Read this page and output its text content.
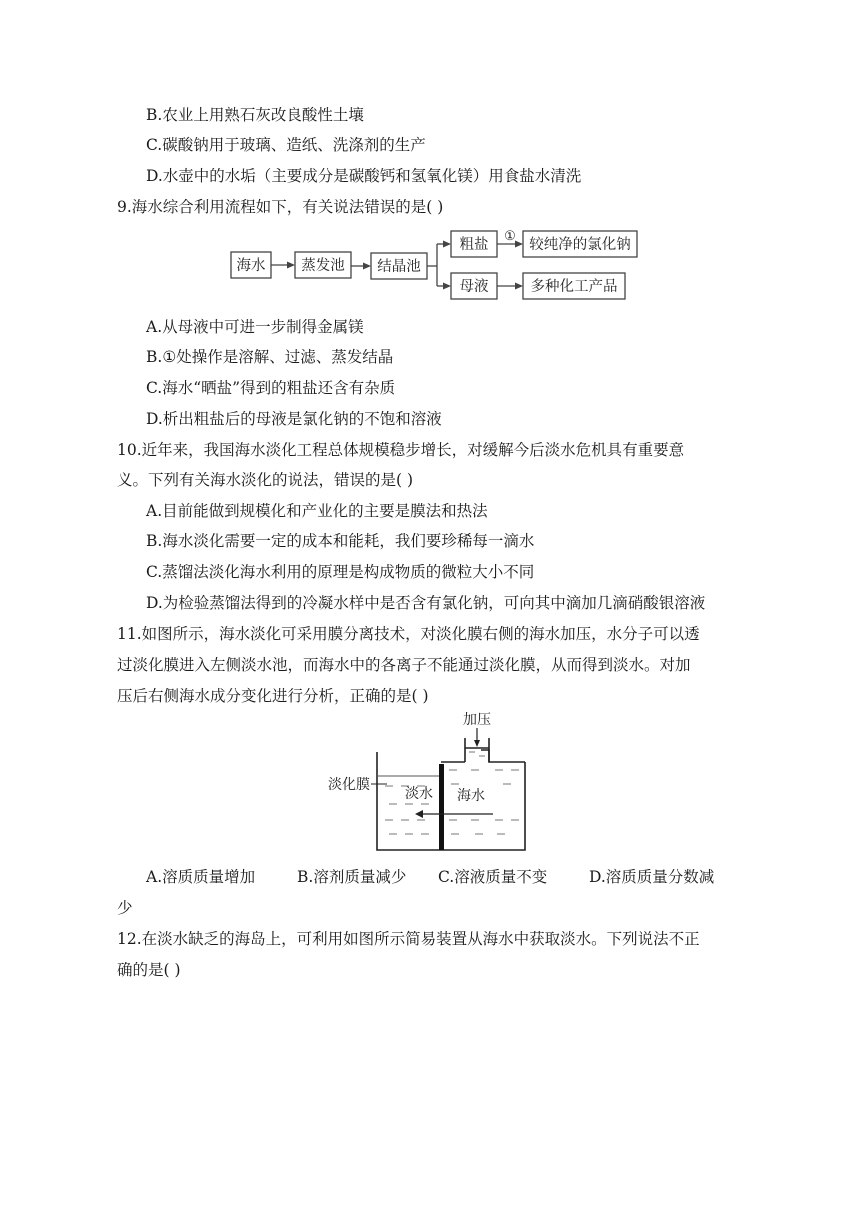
B.农业上用熟石灰改良酸性土壤
C.碳酸钠用于玻璃、造纸、洗涤剂的生产
D.水壶中的水垢（主要成分是碳酸钙和氢氧化镁）用食盐水清洗
9.海水综合利用流程如下，有关说法错误的是( )
海水 蒸发池 结晶池
粗盐
①
较纯净的氯化钠
母液	多种化工产品
A.从母液中可进一步制得金属镁
B.①处操作是溶解、过滤、蒸发结晶
C.海水“晒盐”得到的粗盐还含有杂质
D.析出粗盐后的母液是氯化钠的不饱和溶液
10.近年来，我国海水淡化工程总体规模稳步增长，对缓解今后淡水危机具有重要意
义。下列有关海水淡化的说法，错误的是( )
A.目前能做到规模化和产业化的主要是膜法和热法
B.海水淡化需要一定的成本和能耗，我们要珍稀每一滴水
C.蒸馏法淡化海水利用的原理是构成物质的微粒大小不同
D.为检验蒸馏法得到的冷凝水样中是否含有氯化钠，可向其中滴加几滴硝酸银溶液
11.如图所示，海水淡化可采用膜分离技术，对淡化膜右侧的海水加压，水分子可以透
过淡化膜进入左侧淡水池，而海水中的各离子不能通过淡化膜，从而得到淡水。对加
压后右侧海水成分变化进行分析，正确的是( )
加压
淡化膜
淡水 海水
A.溶质质量增加	B.溶剂质量减少 C.溶液质量不变	D.溶质质量分数减
少
12.在淡水缺乏的海岛上，可利用如图所示简易装置从海水中获取淡水。下列说法不正
确的是( )
